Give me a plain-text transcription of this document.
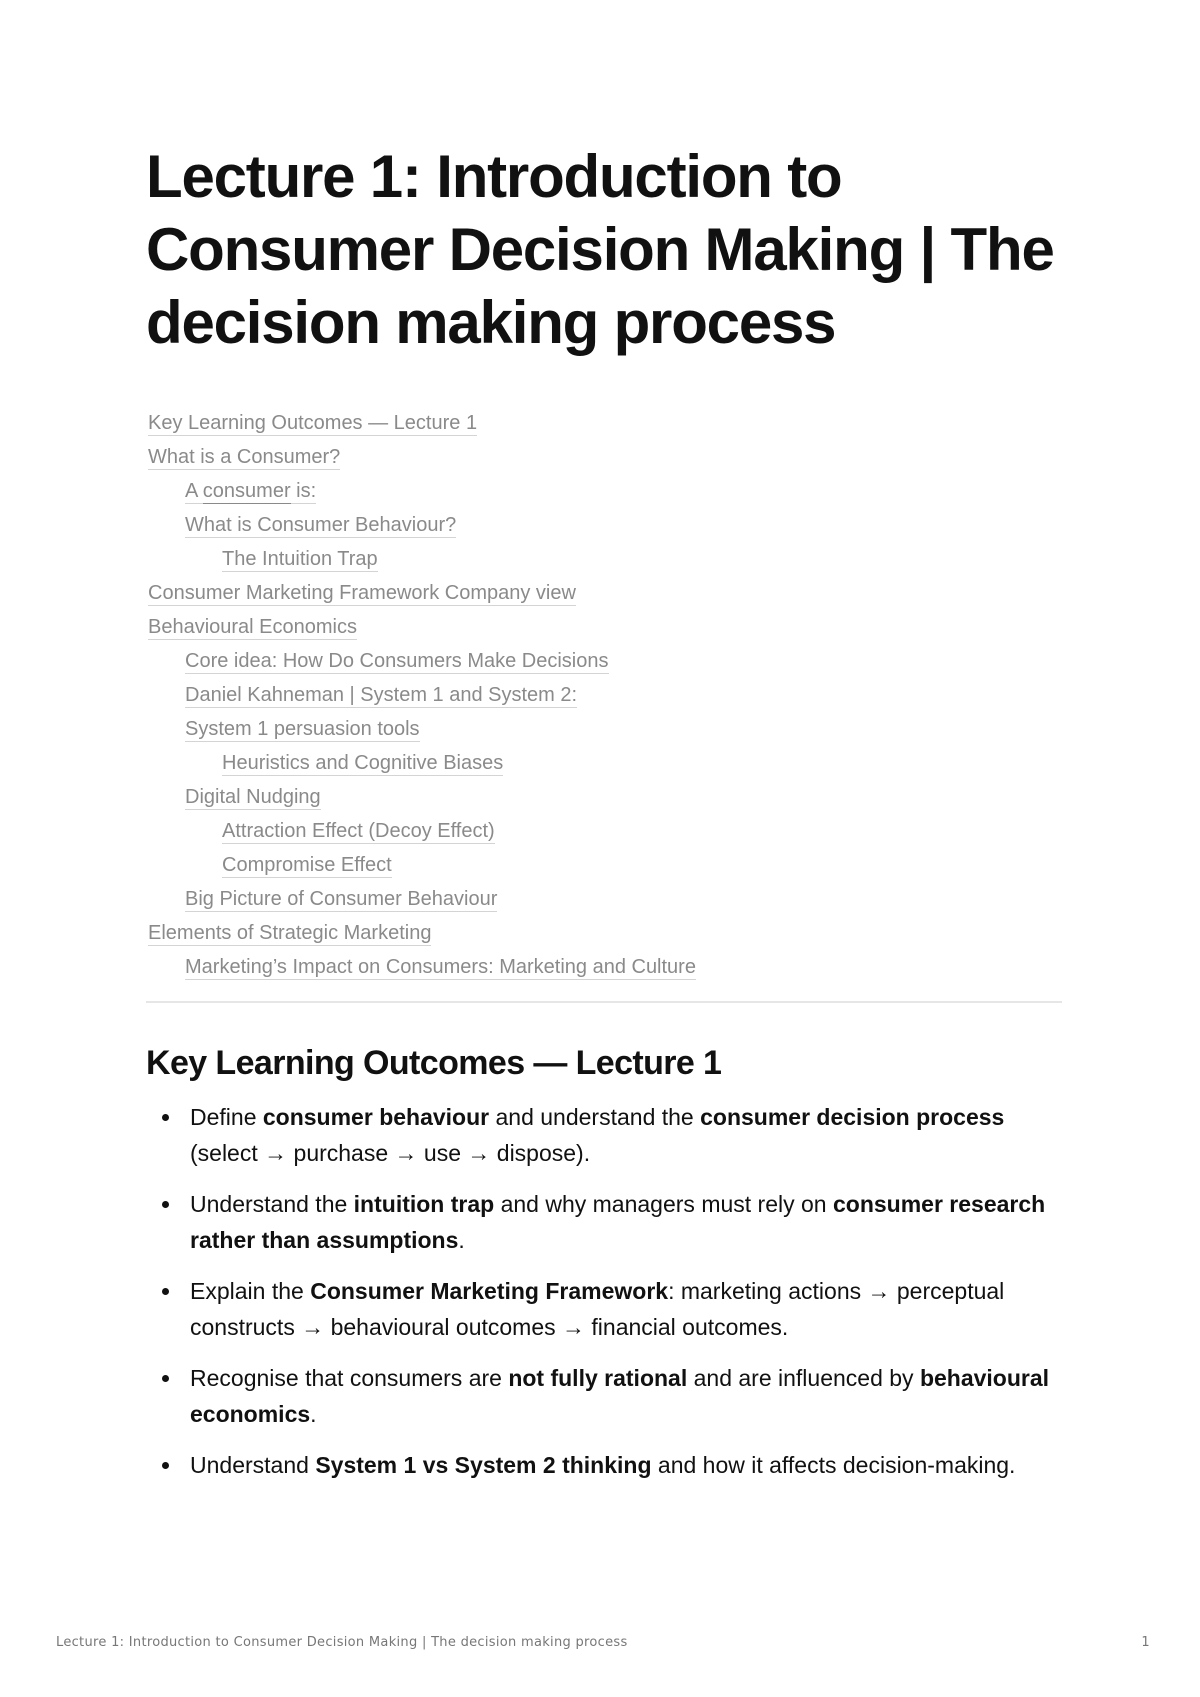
Lecture 1: Introduction to Consumer Decision Making | The decision making process
Key Learning Outcomes — Lecture 1
What is a Consumer?
A consumer is:
What is Consumer Behaviour?
The Intuition Trap
Consumer Marketing Framework Company view
Behavioural Economics
Core idea: How Do Consumers Make Decisions
Daniel Kahneman | System 1 and System 2:
System 1 persuasion tools
Heuristics and Cognitive Biases
Digital Nudging
Attraction Effect (Decoy Effect)
Compromise Effect
Big Picture of Consumer Behaviour
Elements of Strategic Marketing
Marketing’s Impact on Consumers: Marketing and Culture
Key Learning Outcomes — Lecture 1
Define consumer behaviour and understand the consumer decision process (select → purchase → use → dispose).
Understand the intuition trap and why managers must rely on consumer research rather than assumptions.
Explain the Consumer Marketing Framework: marketing actions → perceptual constructs → behavioural outcomes → financial outcomes.
Recognise that consumers are not fully rational and are influenced by behavioural economics.
Understand System 1 vs System 2 thinking and how it affects decision-making.
Lecture 1: Introduction to Consumer Decision Making | The decision making process	1
